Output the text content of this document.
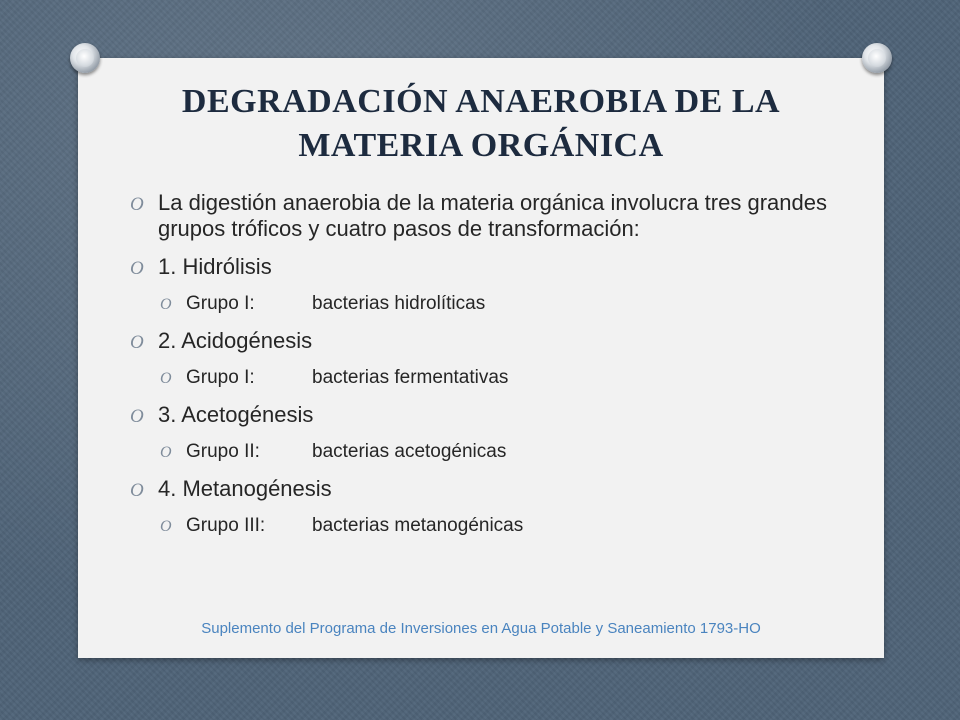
DEGRADACIÓN ANAEROBIA DE LA
MATERIA ORGÁNICA
O La digestión anaerobia de la materia orgánica involucra tres grandes grupos tróficos y cuatro pasos de transformación:
O 1. Hidrólisis
O Grupo I:	bacterias hidrolíticas
O 2. Acidogénesis
O Grupo I:	bacterias fermentativas
O 3. Acetogénesis
O Grupo II:	bacterias acetogénicas
O 4. Metanogénesis
O Grupo III: bacterias metanogénicas
Suplemento del Programa de Inversiones en Agua Potable y Saneamiento 1793-HO
